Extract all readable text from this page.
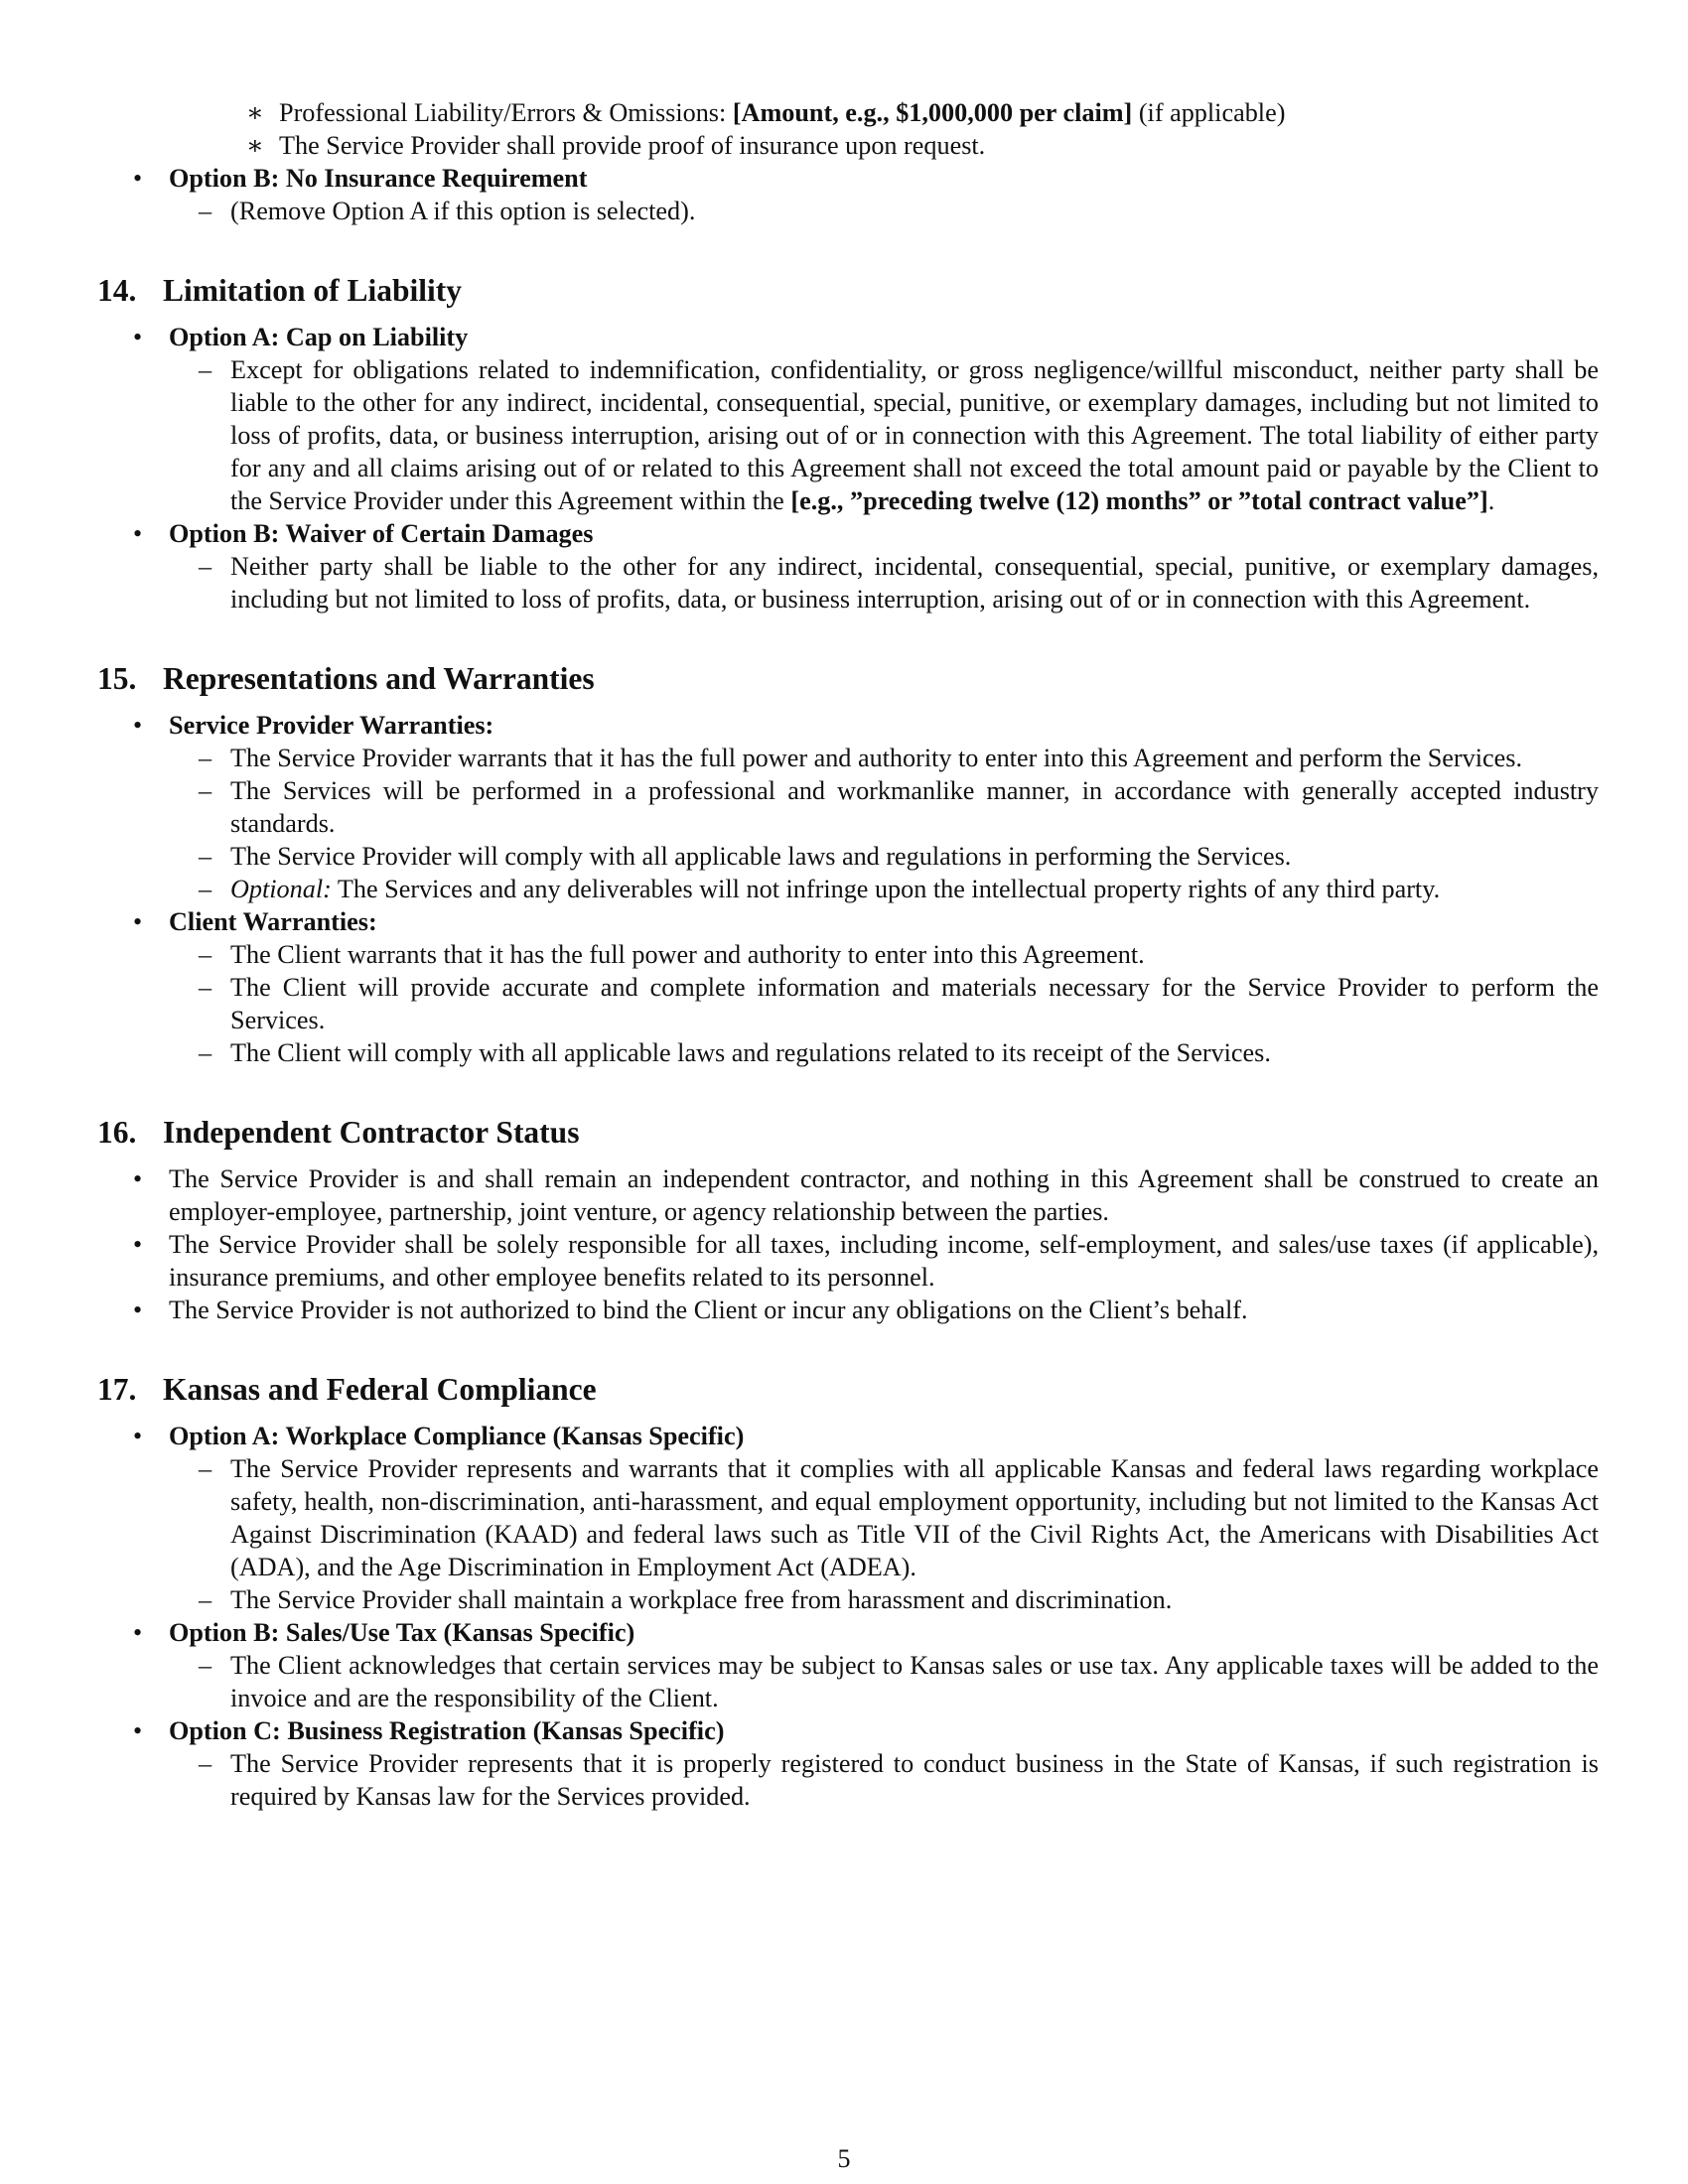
∗ Professional Liability/Errors & Omissions: [Amount, e.g., $1,000,000 per claim] (if applicable)
∗ The Service Provider shall provide proof of insurance upon request.
• Option B: No Insurance Requirement
– (Remove Option A if this option is selected).
14. Limitation of Liability
• Option A: Cap on Liability
– Except for obligations related to indemnification, confidentiality, or gross negligence/willful misconduct, neither party shall be liable to the other for any indirect, incidental, consequential, special, punitive, or exemplary damages, including but not limited to loss of profits, data, or business interruption, arising out of or in connection with this Agreement. The total liability of either party for any and all claims arising out of or related to this Agreement shall not exceed the total amount paid or payable by the Client to the Service Provider under this Agreement within the [e.g., ”preceding twelve (12) months” or ”total contract value”].
• Option B: Waiver of Certain Damages
– Neither party shall be liable to the other for any indirect, incidental, consequential, special, punitive, or exemplary damages, including but not limited to loss of profits, data, or business interruption, arising out of or in connection with this Agreement.
15. Representations and Warranties
• Service Provider Warranties:
– The Service Provider warrants that it has the full power and authority to enter into this Agreement and perform the Services.
– The Services will be performed in a professional and workmanlike manner, in accordance with generally accepted industry standards.
– The Service Provider will comply with all applicable laws and regulations in performing the Services.
– Optional: The Services and any deliverables will not infringe upon the intellectual property rights of any third party.
• Client Warranties:
– The Client warrants that it has the full power and authority to enter into this Agreement.
– The Client will provide accurate and complete information and materials necessary for the Service Provider to perform the Services.
– The Client will comply with all applicable laws and regulations related to its receipt of the Services.
16. Independent Contractor Status
• The Service Provider is and shall remain an independent contractor, and nothing in this Agreement shall be construed to create an employer-employee, partnership, joint venture, or agency relationship between the parties.
• The Service Provider shall be solely responsible for all taxes, including income, self-employment, and sales/use taxes (if applicable), insurance premiums, and other employee benefits related to its personnel.
• The Service Provider is not authorized to bind the Client or incur any obligations on the Client’s behalf.
17. Kansas and Federal Compliance
• Option A: Workplace Compliance (Kansas Specific)
– The Service Provider represents and warrants that it complies with all applicable Kansas and federal laws regarding workplace safety, health, non-discrimination, anti-harassment, and equal employment opportunity, including but not limited to the Kansas Act Against Discrimination (KAAD) and federal laws such as Title VII of the Civil Rights Act, the Americans with Disabilities Act (ADA), and the Age Discrimination in Employment Act (ADEA).
– The Service Provider shall maintain a workplace free from harassment and discrimination.
• Option B: Sales/Use Tax (Kansas Specific)
– The Client acknowledges that certain services may be subject to Kansas sales or use tax. Any applicable taxes will be added to the invoice and are the responsibility of the Client.
• Option C: Business Registration (Kansas Specific)
– The Service Provider represents that it is properly registered to conduct business in the State of Kansas, if such registration is required by Kansas law for the Services provided.
5
